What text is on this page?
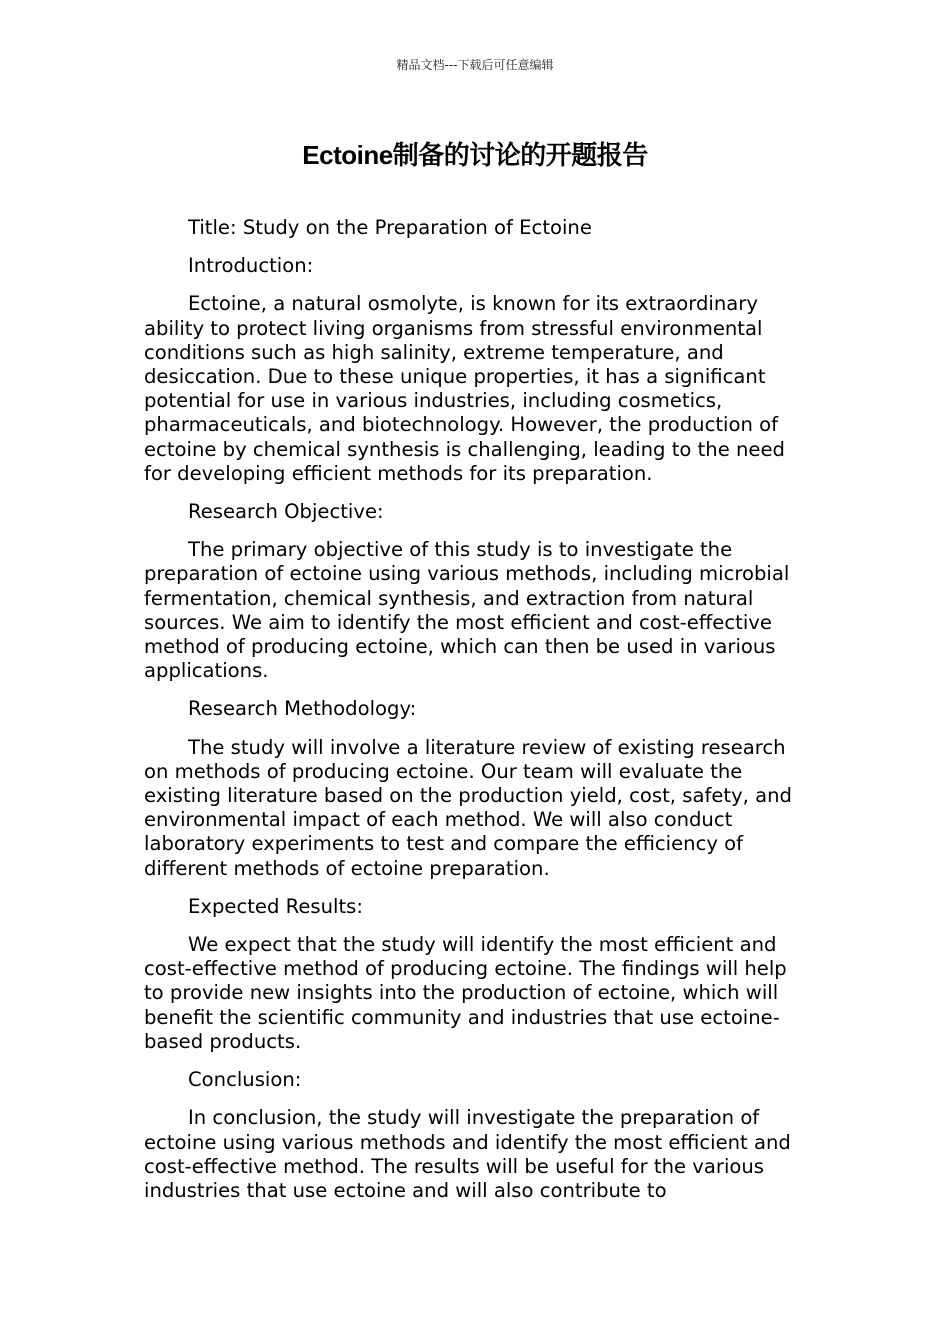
精品文档---下载后可任意编辑
Ectoine制备的讨论的开题报告

Title: Study on the Preparation of Ectoine

Introduction:

Ectoine, a natural osmolyte, is known for its extraordinary ability to protect living organisms from stressful environmental conditions such as high salinity, extreme temperature, and desiccation. Due to these unique properties, it has a significant potential for use in various industries, including cosmetics, pharmaceuticals, and biotechnology. However, the production of ectoine by chemical synthesis is challenging, leading to the need for developing efficient methods for its preparation.

Research Objective:

The primary objective of this study is to investigate the preparation of ectoine using various methods, including microbial fermentation, chemical synthesis, and extraction from natural sources. We aim to identify the most efficient and cost-effective method of producing ectoine, which can then be used in various applications.

Research Methodology:

The study will involve a literature review of existing research on methods of producing ectoine. Our team will evaluate the existing literature based on the production yield, cost, safety, and environmental impact of each method. We will also conduct laboratory experiments to test and compare the efficiency of different methods of ectoine preparation.

Expected Results:

We expect that the study will identify the most efficient and cost-effective method of producing ectoine. The findings will help to provide new insights into the production of ectoine, which will benefit the scientific community and industries that use ectoine-based products.

Conclusion:

In conclusion, the study will investigate the preparation of ectoine using various methods and identify the most efficient and cost-effective method. The results will be useful for the various industries that use ectoine and will also contribute to
